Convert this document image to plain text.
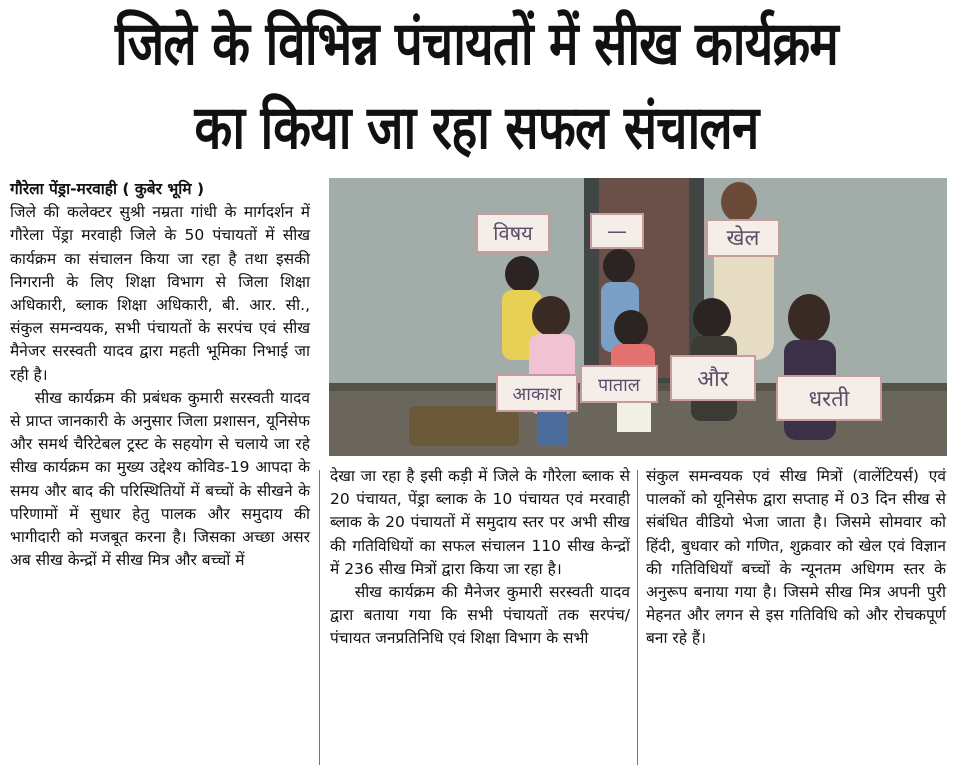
जिले के विभिन्न पंचायतों में सीख कार्यक्रम
का किया जा रहा सफल संचालन
गौरेला पेंड्रा-मरवाही ( कुबेर भूमि )

जिले की कलेक्टर सुश्री नम्रता गांधी के मार्गदर्शन में गौरेला पेंड्रा मरवाही जिले के 50 पंचायतों में सीख कार्यक्रम का संचालन किया जा रहा है तथा इसकी निगरानी के लिए शिक्षा विभाग से जिला शिक्षा अधिकारी, ब्लाक शिक्षा अधिकारी, बी. आर. सी., संकुल समन्वयक, सभी पंचायतों के सरपंच एवं सीख मैनेजर सरस्वती यादव द्वारा महती भूमिका निभाई जा रही है।

सीख कार्यक्रम की प्रबंधक कुमारी सरस्वती यादव से प्राप्त जानकारी के अनुसार जिला प्रशासन, यूनिसेफ और समर्थ चैरिटेबल ट्रस्ट के सहयोग से चलाये जा रहे सीख कार्यक्रम का मुख्य उद्देश्य कोविड-19 आपदा के समय और बाद की परिस्थितियों में बच्चों के सीखने के परिणामों में सुधार हेतु पालक और समुदाय की भागीदारी को मजबूत करना है। जिसका अच्छा असर अब सीख केन्द्रों में सीख मित्र और बच्चों में

विषय	—	खेल
आकाश पाताल	और
धरती

देखा जा रहा है इसी कड़ी में जिले के गौरेला ब्लाक से 20 पंचायत, पेंड्रा ब्लाक के 10 पंचायत एवं मरवाही ब्लाक के 20 पंचायतों में समुदाय स्तर पर अभी सीख की गतिविधियों का सफल संचालन 110 सीख केन्द्रों में 236 सीख मित्रों द्वारा किया जा रहा है।

सीख कार्यक्रम की मैनेजर कुमारी सरस्वती यादव द्वारा बताया गया कि सभी पंचायतों तक सरपंच/पंचायत जनप्रतिनिधि एवं शिक्षा विभाग के सभी

संकुल समन्वयक एवं सीख मित्रों (वालेंटियर्स) एवं पालकों को यूनिसेफ द्वारा सप्ताह में 03 दिन सीख से संबंधित वीडियो भेजा जाता है। जिसमे सोमवार को हिंदी, बुधवार को गणित, शुक्रवार को खेल एवं विज्ञान की गतिविधियाँ बच्चों के न्यूनतम अधिगम स्तर के अनुरूप बनाया गया है। जिसमे सीख मित्र अपनी पुरी मेहनत और लगन से इस गतिविधि को और रोचकपूर्ण बना रहे हैं।
